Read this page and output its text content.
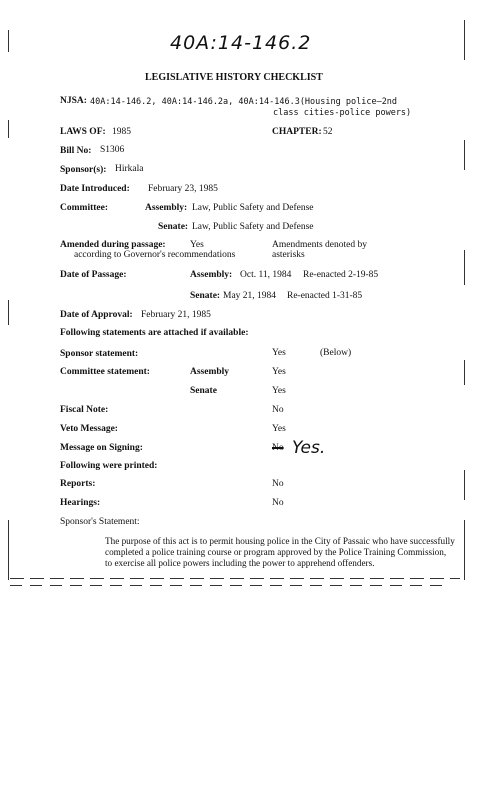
40A:14-146.2
LEGISLATIVE HISTORY CHECKLIST
NJSA: 40A:14-146.2, 40A:14-146.2a, 40A:14-146.3(Housing police—2nd
class cities-police powers)
LAWS OF: 1985	CHAPTER: 52
Bill No: S1306
Sponsor(s): Hirkala
Date Introduced: February 23, 1985
Committee:	Assembly: Law, Public Safety and Defense
Senate: Law, Public Safety and Defense
Amended during passage:	Yes
according to Governor's recommendations
Amendments denoted by
asterisks
Date of Passage:	Assembly: Oct. 11, 1984 Re-enacted 2-19-85
Senate: May 21, 1984 Re-enacted 1-31-85
Date of Approval: February 21, 1985
Following statements are attached if available:
Sponsor statement:	Yes	(Below)
Committee statement:	Assembly	Yes
Senate	Yes
Fiscal Note:	No
Veto Message:	Yes
Message on Signing:	No Yes.
Following were printed:
Reports:	No
Hearings:	No
Sponsor's Statement:
The purpose of this act is to permit housing police in the City of Passaic who have successfully completed a police training course or program approved by the Police Training Commission, to exercise all police powers including the power to apprehend offenders.
